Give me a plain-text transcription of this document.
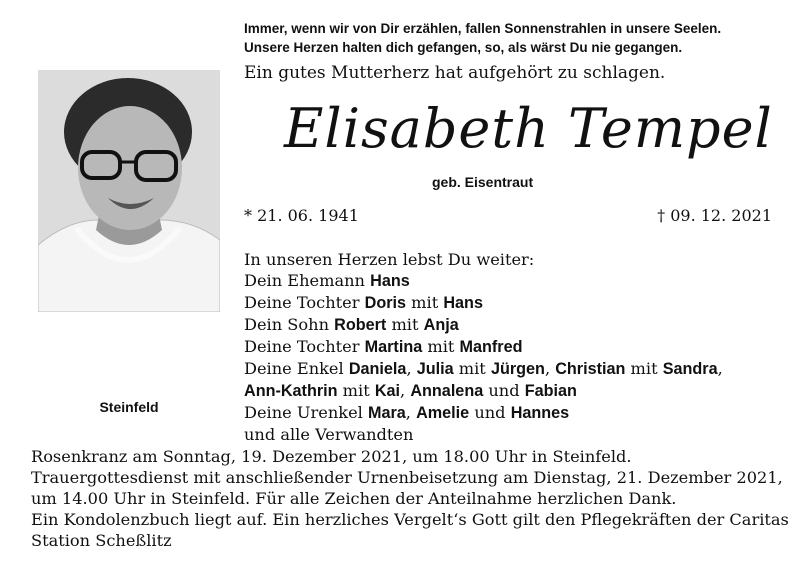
Immer, wenn wir von Dir erzählen, fallen Sonnenstrahlen in unsere Seelen.
Unsere Herzen halten dich gefangen, so, als wärst Du nie gegangen.
Ein gutes Mutterherz hat aufgehört zu schlagen.
Elisabeth Tempel
geb. Eisentraut
* 21. 06. 1941	† 09. 12. 2021
Steinfeld
In unseren Herzen lebst Du weiter:
Dein Ehemann Hans
Deine Tochter Doris mit Hans
Dein Sohn Robert mit Anja
Deine Tochter Martina mit Manfred
Deine Enkel Daniela, Julia mit Jürgen, Christian mit Sandra,
Ann-Kathrin mit Kai, Annalena und Fabian
Deine Urenkel Mara, Amelie und Hannes
und alle Verwandten
Rosenkranz am Sonntag, 19. Dezember 2021, um 18.00 Uhr in Steinfeld.
Trauergottesdienst mit anschließender Urnenbeisetzung am Dienstag, 21. Dezember 2021,
um 14.00 Uhr in Steinfeld. Für alle Zeichen der Anteilnahme herzlichen Dank.
Ein Kondolenzbuch liegt auf. Ein herzliches Vergelt‘s Gott gilt den Pflegekräften der Caritas
Station Scheßlitz
